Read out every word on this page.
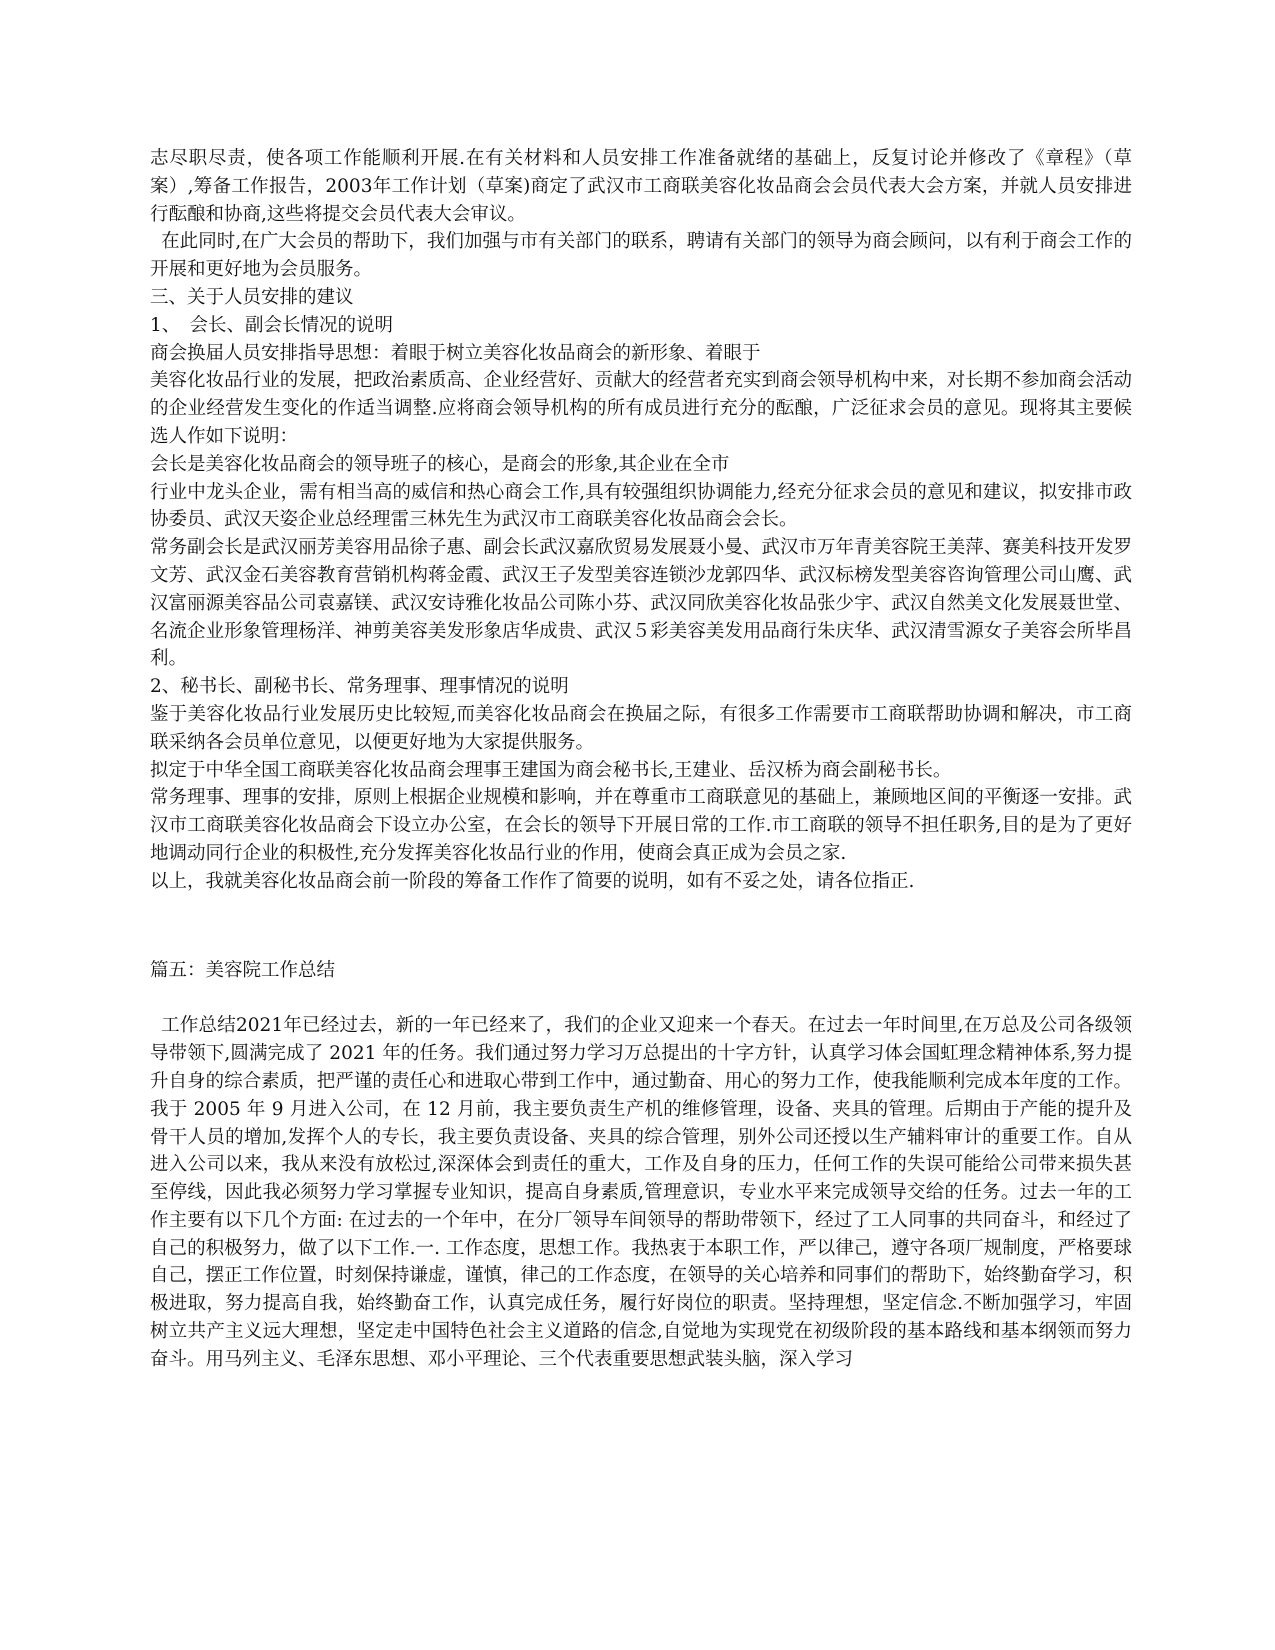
志尽职尽责，使各项工作能顺利开展.在有关材料和人员安排工作准备就绪的基础上，反复讨论并修改了《章程》（草案）,筹备工作报告，2003年工作计划（草案)商定了武汉市工商联美容化妆品商会会员代表大会方案，并就人员安排进行酝酿和协商,这些将提交会员代表大会审议。

在此同时,在广大会员的帮助下，我们加强与市有关部门的联系，聘请有关部门的领导为商会顾问，以有利于商会工作的开展和更好地为会员服务。

三、关于人员安排的建议

1、　会长、副会长情况的说明

商会换届人员安排指导思想：着眼于树立美容化妆品商会的新形象、着眼于

美容化妆品行业的发展，把政治素质高、企业经营好、贡献大的经营者充实到商会领导机构中来，对长期不参加商会活动的企业经营发生变化的作适当调整.应将商会领导机构的所有成员进行充分的酝酿，广泛征求会员的意见。现将其主要候选人作如下说明：

会长是美容化妆品商会的领导班子的核心，是商会的形象,其企业在全市

行业中龙头企业，需有相当高的威信和热心商会工作,具有较强组织协调能力,经充分征求会员的意见和建议，拟安排市政协委员、武汉天姿企业总经理雷三林先生为武汉市工商联美容化妆品商会会长。

常务副会长是武汉丽芳美容用品徐子惠、副会长武汉嘉欣贸易发展聂小曼、武汉市万年青美容院王美萍、赛美科技开发罗文芳、武汉金石美容教育营销机构蒋金霞、武汉王子发型美容连锁沙龙郭四华、武汉标榜发型美容咨询管理公司山鹰、武汉富丽源美容品公司袁嘉镁、武汉安诗雅化妆品公司陈小芬、武汉同欣美容化妆品张少宇、武汉自然美文化发展聂世堂、名流企业形象管理杨洋、神剪美容美发形象店华成贵、武汉５彩美容美发用品商行朱庆华、武汉清雪源女子美容会所毕昌利。

2、秘书长、副秘书长、常务理事、理事情况的说明

鉴于美容化妆品行业发展历史比较短,而美容化妆品商会在换届之际，有很多工作需要市工商联帮助协调和解决，市工商联采纳各会员单位意见，以便更好地为大家提供服务。

拟定于中华全国工商联美容化妆品商会理事王建国为商会秘书长,王建业、岳汉桥为商会副秘书长。

常务理事、理事的安排，原则上根据企业规模和影响，并在尊重市工商联意见的基础上，兼顾地区间的平衡逐一安排。武汉市工商联美容化妆品商会下设立办公室，在会长的领导下开展日常的工作.市工商联的领导不担任职务,目的是为了更好地调动同行企业的积极性,充分发挥美容化妆品行业的作用，使商会真正成为会员之家.

以上，我就美容化妆品商会前一阶段的筹备工作作了简要的说明，如有不妥之处，请各位指正.

篇五：美容院工作总结

工作总结2021年已经过去，新的一年已经来了，我们的企业又迎来一个春天。在过去一年时间里,在万总及公司各级领导带领下,圆满完成了 2021 年的任务。我们通过努力学习万总提出的十字方针，认真学习体会国虹理念精神体系,努力提升自身的综合素质，把严谨的责任心和进取心带到工作中，通过勤奋、用心的努力工作，使我能顺利完成本年度的工作。我于 2005 年 9 月进入公司，在 12 月前，我主要负责生产机的维修管理，设备、夹具的管理。后期由于产能的提升及骨干人员的增加,发挥个人的专长，我主要负责设备、夹具的综合管理，别外公司还授以生产辅料审计的重要工作。自从进入公司以来，我从来没有放松过,深深体会到责任的重大，工作及自身的压力，任何工作的失误可能给公司带来损失甚至停线，因此我必须努力学习掌握专业知识，提高自身素质,管理意识，专业水平来完成领导交给的任务。过去一年的工作主要有以下几个方面: 在过去的一个年中，在分厂领导车间领导的帮助带领下，经过了工人同事的共同奋斗，和经过了自己的积极努力，做了以下工作.一. 工作态度，思想工作。我热衷于本职工作，严以律己，遵守各项厂规制度，严格要球自己，摆正工作位置，时刻保持谦虚，谨慎，律己的工作态度，在领导的关心培养和同事们的帮助下，始终勤奋学习，积极进取，努力提高自我，始终勤奋工作，认真完成任务，履行好岗位的职责。坚持理想，坚定信念.不断加强学习，牢固树立共产主义远大理想，坚定走中国特色社会主义道路的信念,自觉地为实现党在初级阶段的基本路线和基本纲领而努力奋斗。用马列主义、毛泽东思想、邓小平理论、三个代表重要思想武装头脑，深入学习
